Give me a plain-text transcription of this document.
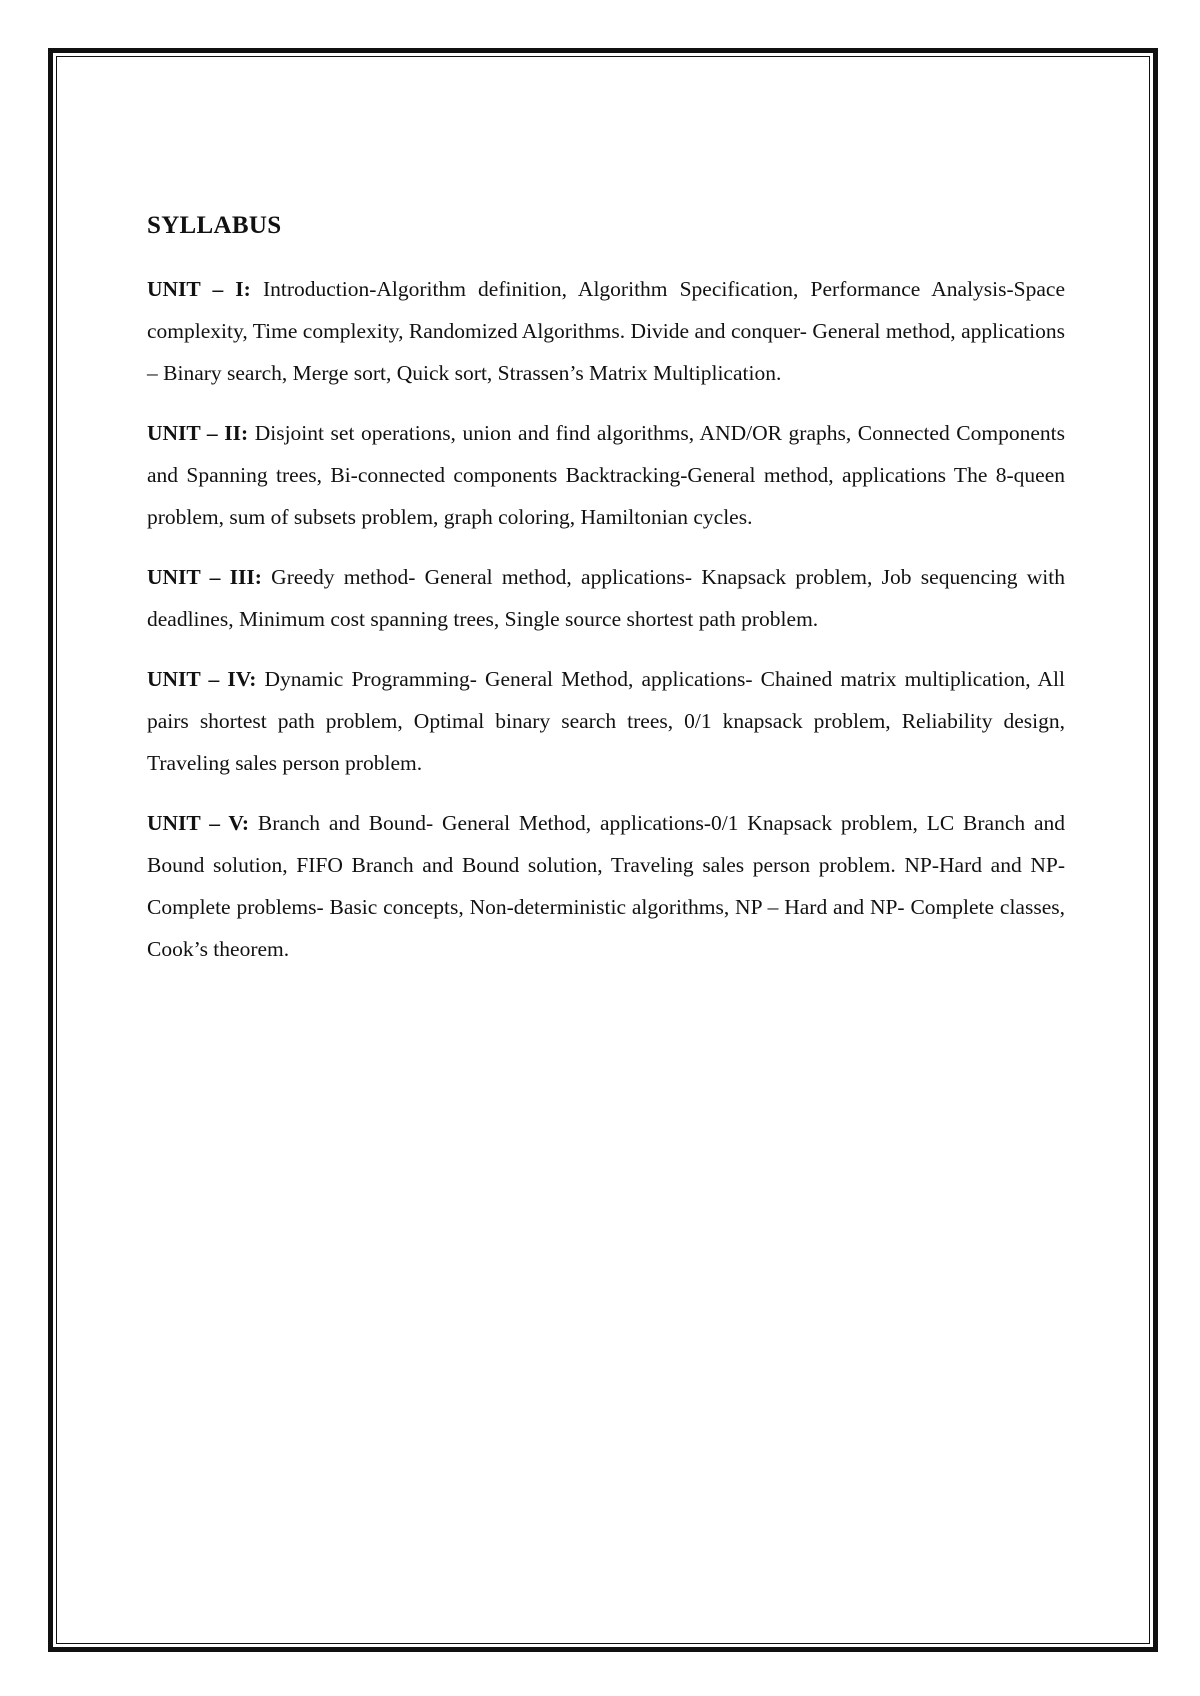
SYLLABUS

UNIT – I: Introduction-Algorithm definition, Algorithm Specification, Performance Analysis-Space complexity, Time complexity, Randomized Algorithms. Divide and conquer- General method, applications – Binary search, Merge sort, Quick sort, Strassen’s Matrix Multiplication.

UNIT – II: Disjoint set operations, union and find algorithms, AND/OR graphs, Connected Components and Spanning trees, Bi-connected components Backtracking-General method, applications The 8-queen problem, sum of subsets problem, graph coloring, Hamiltonian cycles.

UNIT – III: Greedy method- General method, applications- Knapsack problem, Job sequencing with deadlines, Minimum cost spanning trees, Single source shortest path problem.

UNIT – IV: Dynamic Programming- General Method, applications- Chained matrix multiplication, All pairs shortest path problem, Optimal binary search trees, 0/1 knapsack problem, Reliability design, Traveling sales person problem.

UNIT – V: Branch and Bound- General Method, applications-0/1 Knapsack problem, LC Branch and Bound solution, FIFO Branch and Bound solution, Traveling sales person problem. NP-Hard and NP-Complete problems- Basic concepts, Non-deterministic algorithms, NP – Hard and NP- Complete classes, Cook’s theorem.
